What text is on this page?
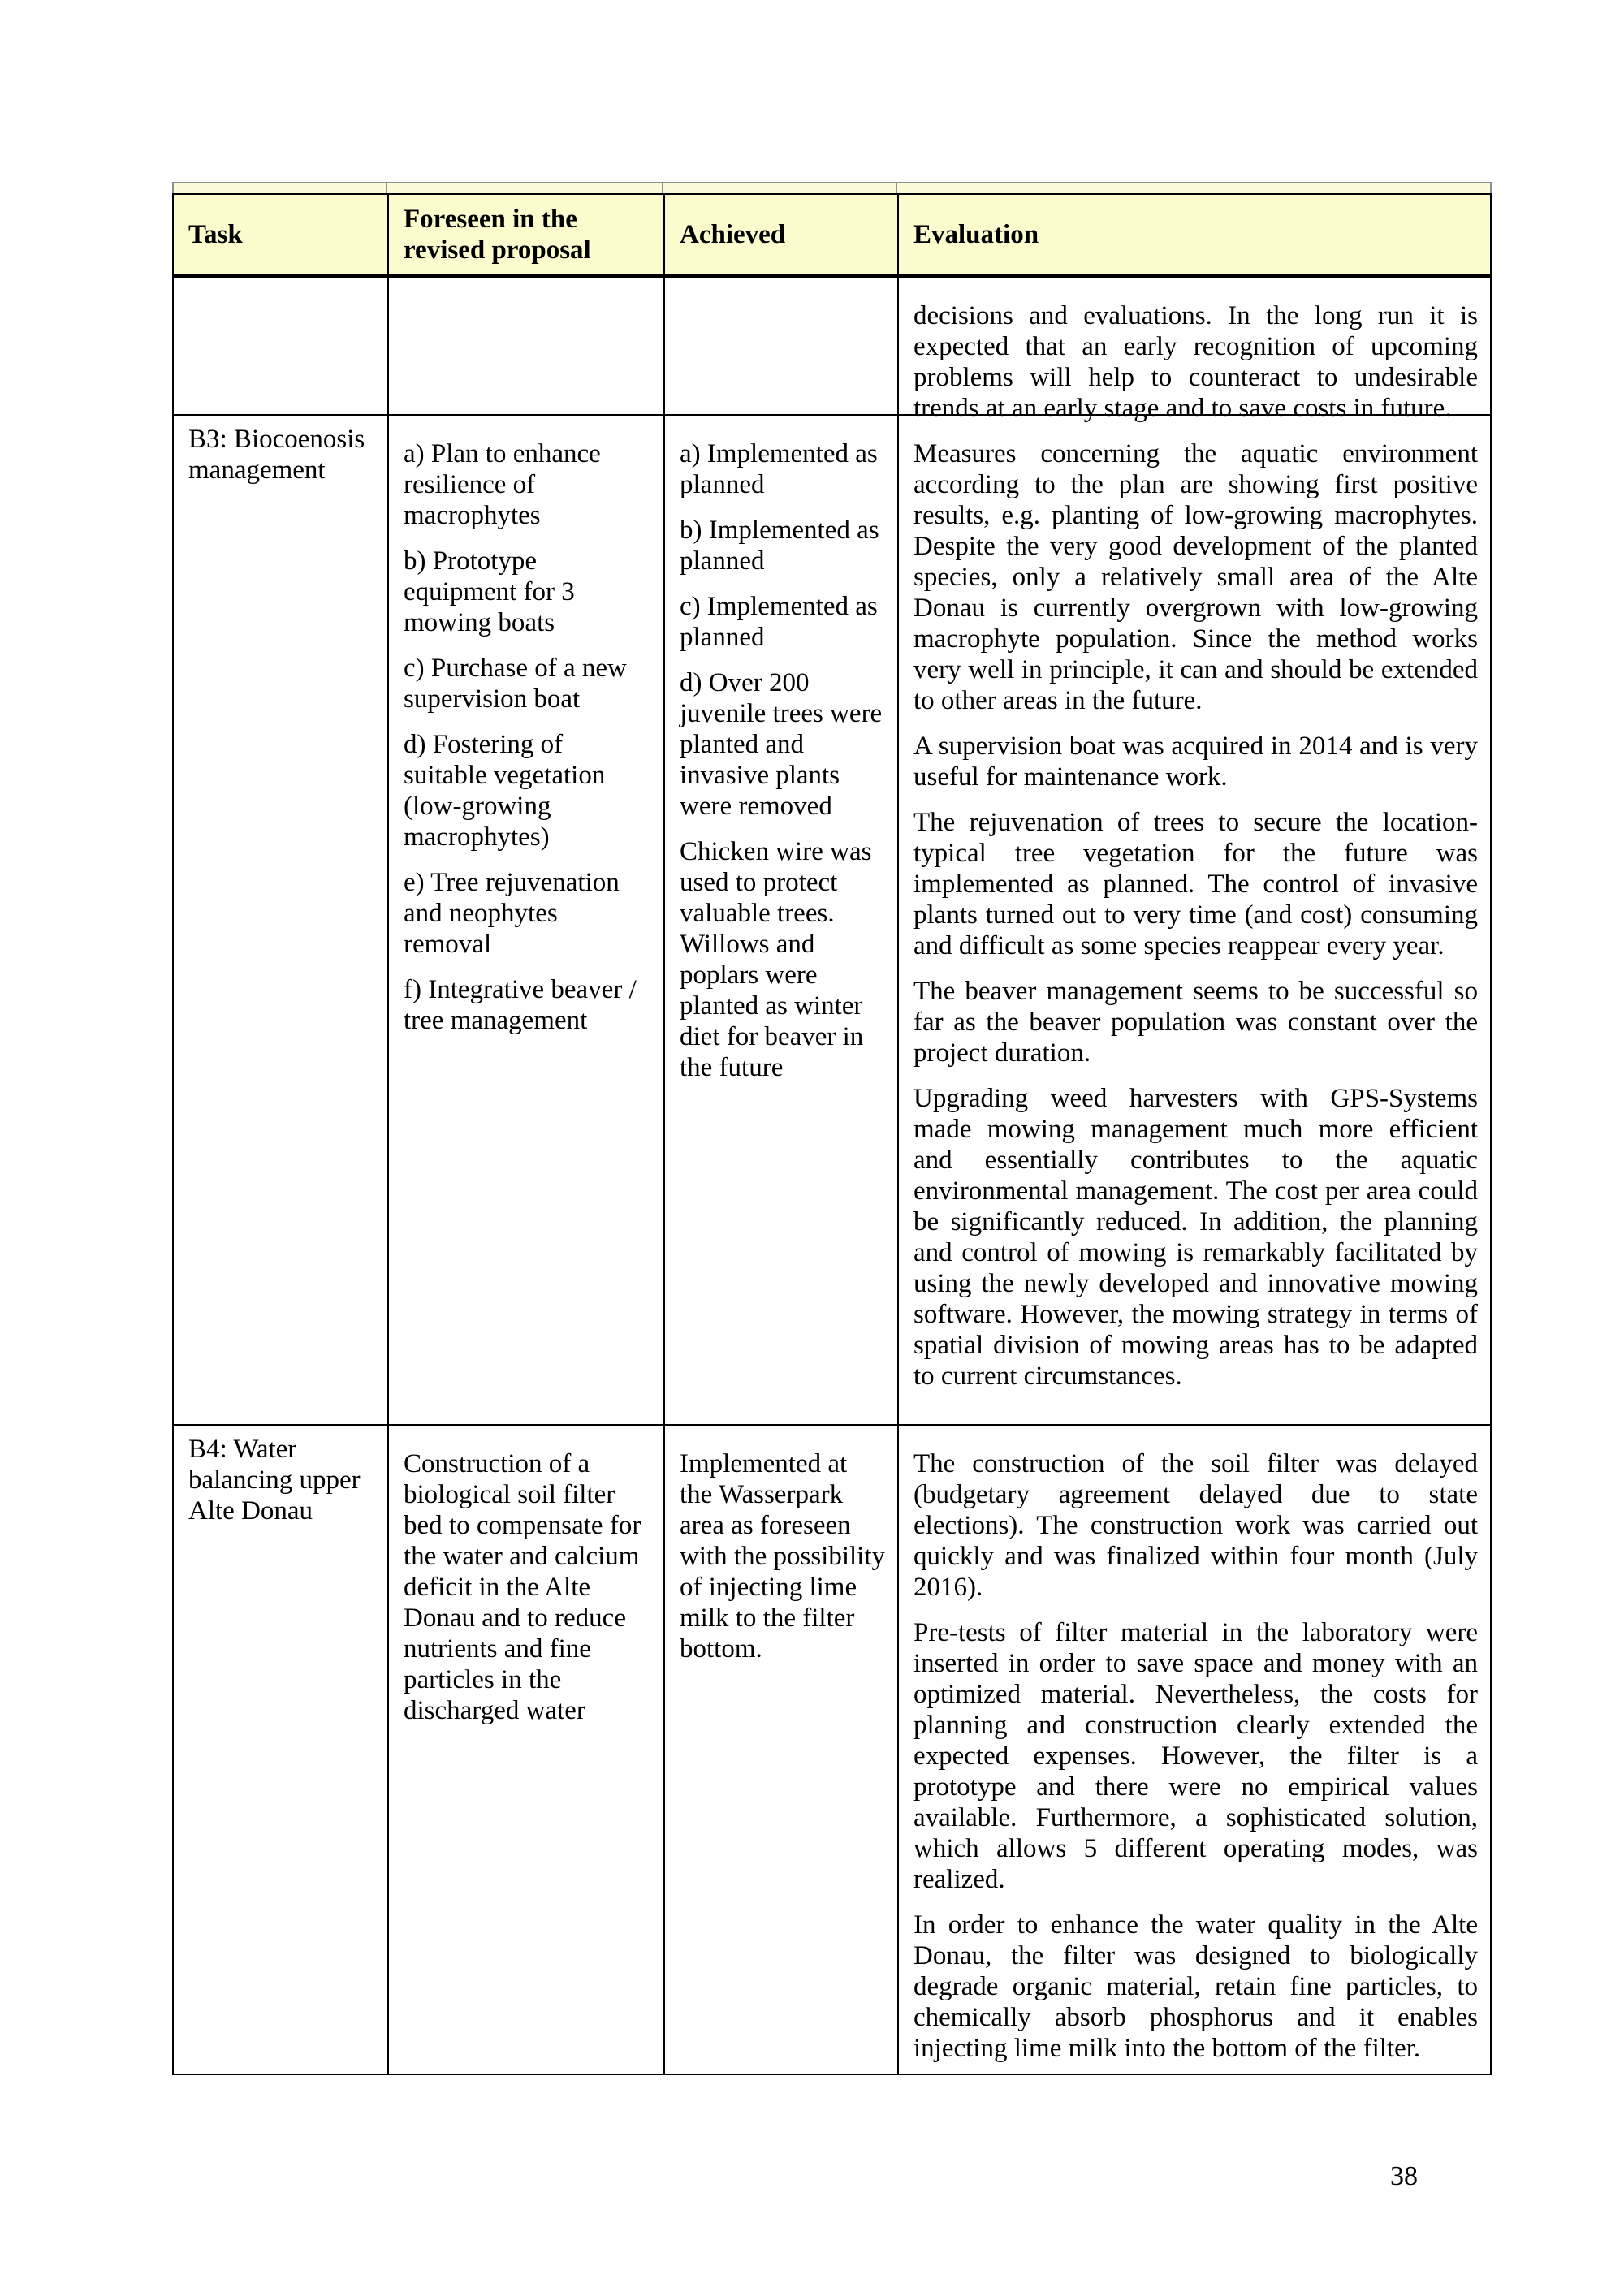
Task
Foreseen in the revised proposal
Achieved	Evaluation

decisions and evaluations. In the long run it is expected that an early recognition of upcoming problems will help to counteract to undesirable trends at an early stage and to save costs in future.

B3: Biocoenosis management

a) Plan to enhance resilience of macrophytes

b) Prototype equipment for 3 mowing boats

c) Purchase of a new supervision boat

d) Fostering of suitable vegetation (low-growing macrophytes)

e) Tree rejuvenation and neophytes removal

f) Integrative beaver / tree management

a) Implemented as planned

b) Implemented as planned

c) Implemented as planned

d) Over 200 juvenile trees were planted and invasive plants were removed

Chicken wire was used to protect valuable trees. Willows and poplars were planted as winter diet for beaver in the future

Measures concerning the aquatic environment according to the plan are showing first positive results, e.g. planting of low-growing macrophytes. Despite the very good development of the planted species, only a relatively small area of the Alte Donau is currently overgrown with low-growing macrophyte population. Since the method works very well in principle, it can and should be extended to other areas in the future.

A supervision boat was acquired in 2014 and is very useful for maintenance work.

The rejuvenation of trees to secure the location-typical tree vegetation for the future was implemented as planned. The control of invasive plants turned out to very time (and cost) consuming and difficult as some species reappear every year.

The beaver management seems to be successful so far as the beaver population was constant over the project duration.

Upgrading weed harvesters with GPS-Systems made mowing management much more efficient and essentially contributes to the aquatic environmental management. The cost per area could be significantly reduced. In addition, the planning and control of mowing is remarkably facilitated by using the newly developed and innovative mowing software. However, the mowing strategy in terms of spatial division of mowing areas has to be adapted to current circumstances.

B4: Water balancing upper Alte Donau

Construction of a biological soil filter bed to compensate for the water and calcium deficit in the Alte Donau and to reduce nutrients and fine particles in the discharged water

Implemented at the Wasserpark area as foreseen with the possibility of injecting lime milk to the filter bottom.

The construction of the soil filter was delayed (budgetary agreement delayed due to state elections). The construction work was carried out quickly and was finalized within four month (July 2016).

Pre-tests of filter material in the laboratory were inserted in order to save space and money with an optimized material. Nevertheless, the costs for planning and construction clearly extended the expected expenses. However, the filter is a prototype and there were no empirical values available. Furthermore, a sophisticated solution, which allows 5 different operating modes, was realized.

In order to enhance the water quality in the Alte Donau, the filter was designed to biologically degrade organic material, retain fine particles, to chemically absorb phosphorus and it enables injecting lime milk into the bottom of the filter.

38
